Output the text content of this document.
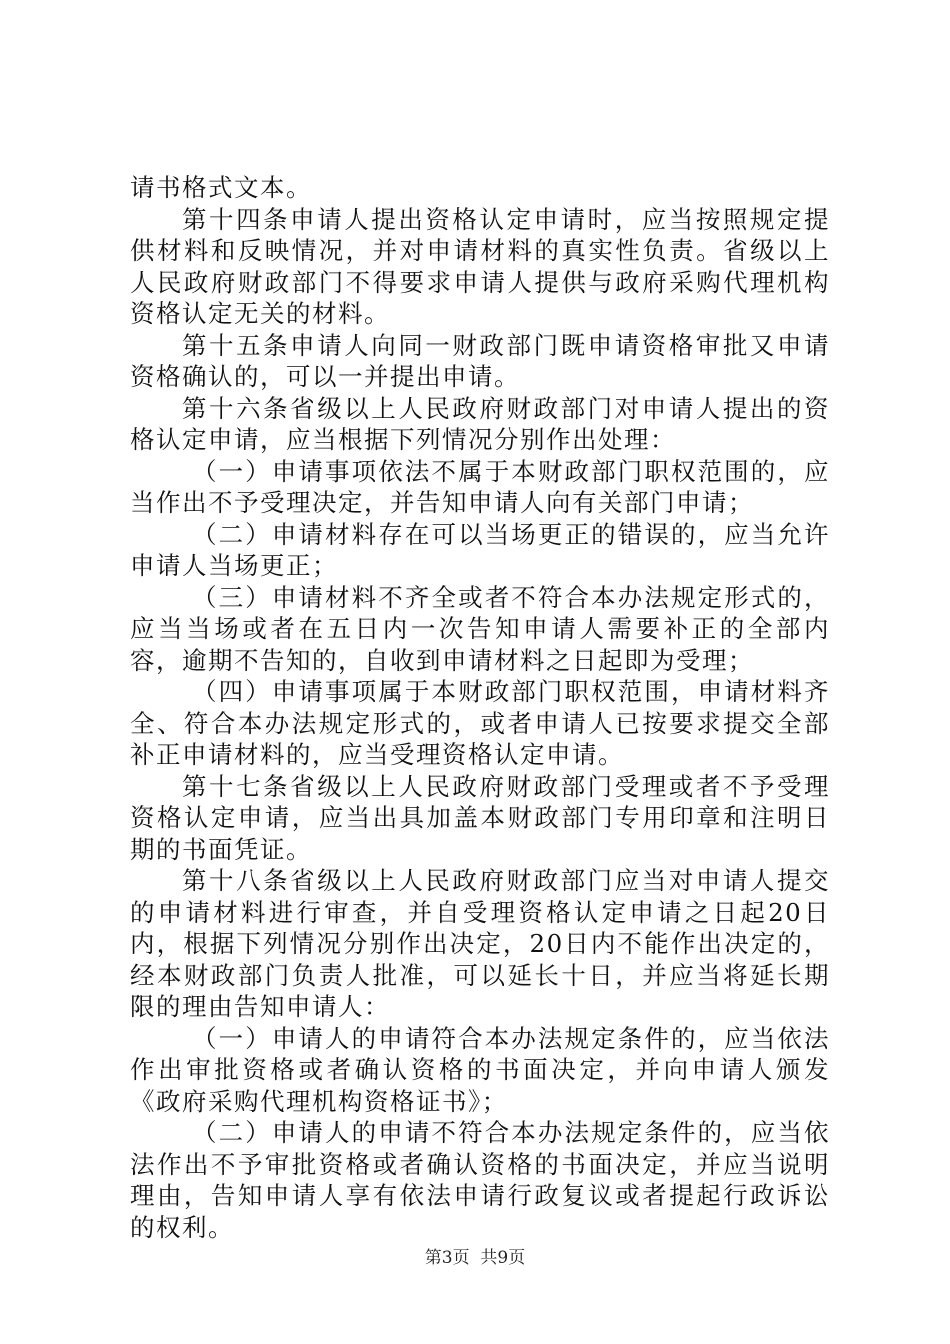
请书格式文本。

第十四条申请人提出资格认定申请时，应当按照规定提供材料和反映情况，并对申请材料的真实性负责。省级以上人民政府财政部门不得要求申请人提供与政府采购代理机构资格认定无关的材料。

第十五条申请人向同一财政部门既申请资格审批又申请资格确认的，可以一并提出申请。

第十六条省级以上人民政府财政部门对申请人提出的资格认定申请，应当根据下列情况分别作出处理：

（一）申请事项依法不属于本财政部门职权范围的，应当作出不予受理决定，并告知申请人向有关部门申请；

（二）申请材料存在可以当场更正的错误的，应当允许申请人当场更正；

（三）申请材料不齐全或者不符合本办法规定形式的，应当当场或者在五日内一次告知申请人需要补正的全部内容，逾期不告知的，自收到申请材料之日起即为受理；

（四）申请事项属于本财政部门职权范围，申请材料齐全、符合本办法规定形式的，或者申请人已按要求提交全部补正申请材料的，应当受理资格认定申请。

第十七条省级以上人民政府财政部门受理或者不予受理资格认定申请，应当出具加盖本财政部门专用印章和注明日期的书面凭证。

第十八条省级以上人民政府财政部门应当对申请人提交的申请材料进行审查，并自受理资格认定申请之日起20日内，根据下列情况分别作出决定，20日内不能作出决定的，经本财政部门负责人批准，可以延长十日，并应当将延长期限的理由告知申请人：

（一）申请人的申请符合本办法规定条件的，应当依法作出审批资格或者确认资格的书面决定，并向申请人颁发《政府采购代理机构资格证书》；

（二）申请人的申请不符合本办法规定条件的，应当依法作出不予审批资格或者确认资格的书面决定，并应当说明理由，告知申请人享有依法申请行政复议或者提起行政诉讼的权利。

第3页  共9页
